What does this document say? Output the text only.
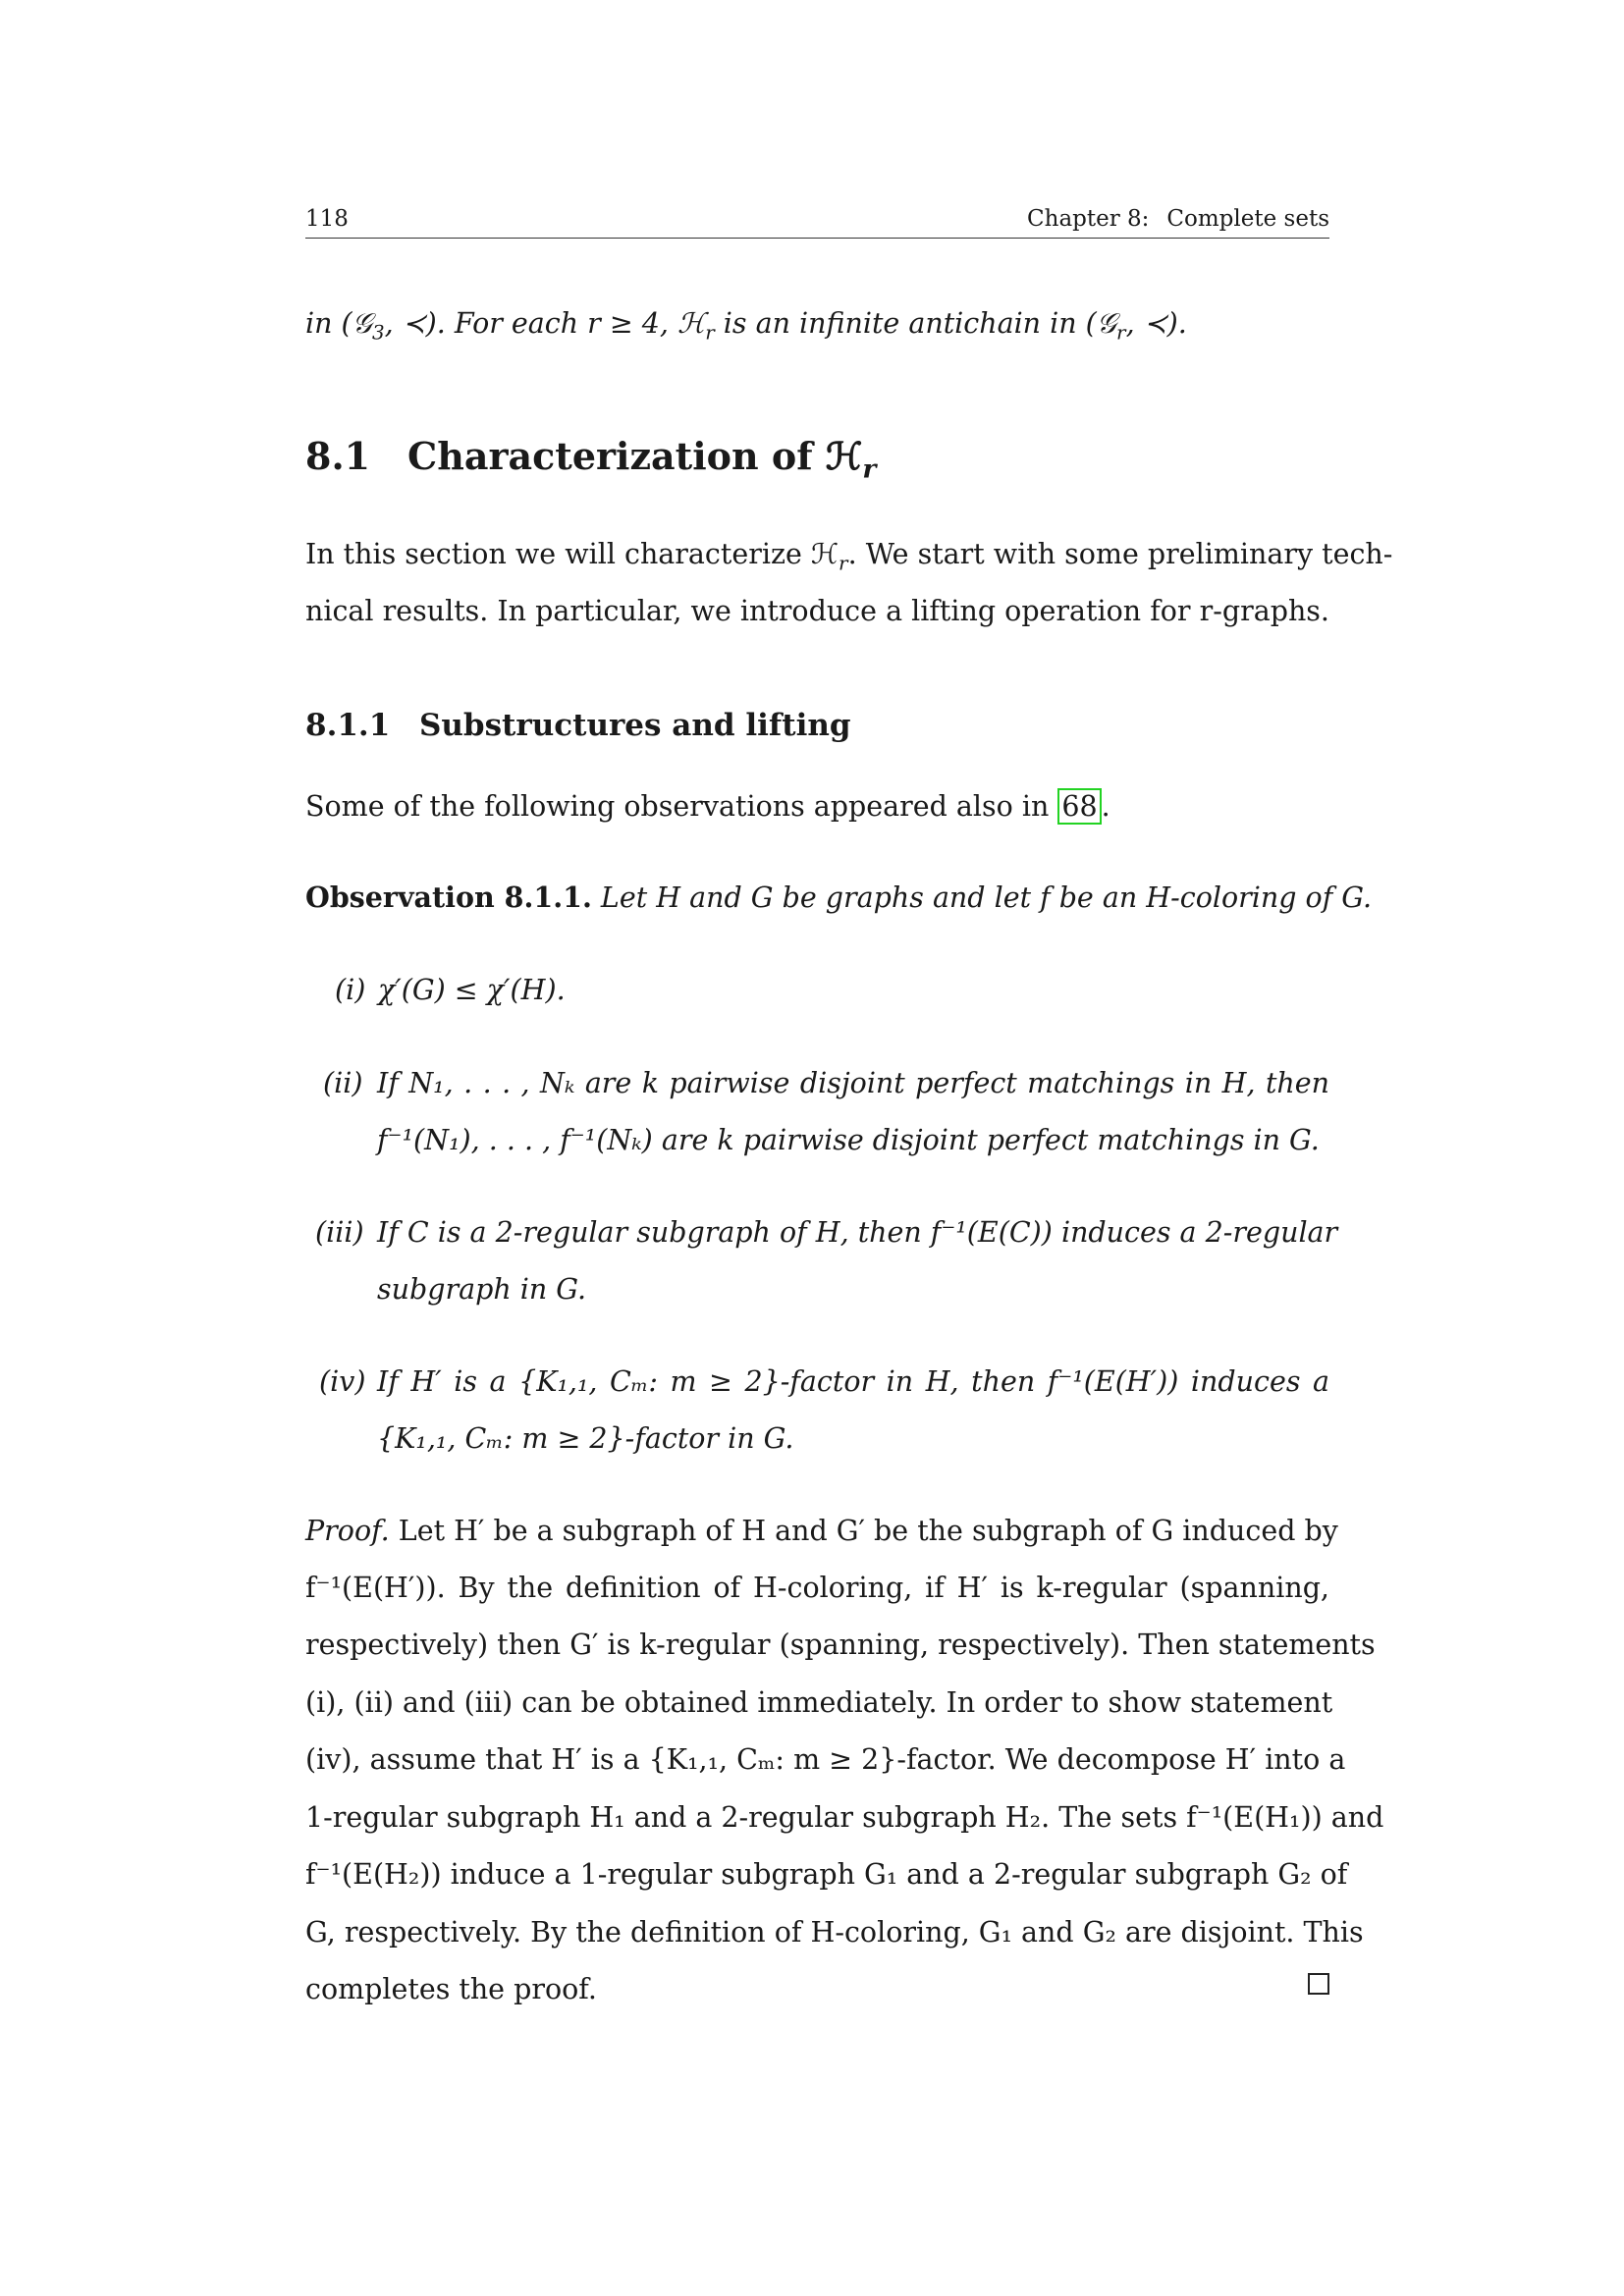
118	Chapter 8: Complete sets
in (𝒢$_3$, ≺). For each r ≥ 4, ℋ$_r$ is an infinite antichain in (𝒢$_r$, ≺).
8.1 Characterization of ℋ$_r$
In this section we will characterize ℋ$_r$. We start with some preliminary tech-
nical results. In particular, we introduce a lifting operation for r-graphs.
8.1.1 Substructures and lifting
Some of the following observations appeared also in 68 .
Observation 8.1.1. Let H and G be graphs and let f be an H-coloring of G.
(i) χ′(G) ≤ χ′(H).
(ii) If N₁, . . . , Nₖ are k pairwise disjoint perfect matchings in H, then
f⁻¹(N₁), . . . , f⁻¹(Nₖ) are k pairwise disjoint perfect matchings in G.
(iii) If C is a 2-regular subgraph of H, then f⁻¹(E(C)) induces a 2-regular
subgraph in G.
(iv) If H′ is a {K₁,₁, Cₘ: m ≥ 2}-factor in H, then f⁻¹(E(H′)) induces a
{K₁,₁, Cₘ: m ≥ 2}-factor in G.
Proof. Let H′ be a subgraph of H and G′ be the subgraph of G induced by
f⁻¹(E(H′)). By the definition of H-coloring, if H′ is k-regular (spanning,
respectively) then G′ is k-regular (spanning, respectively). Then statements
(i), (ii) and (iii) can be obtained immediately. In order to show statement
(iv), assume that H′ is a {K₁,₁, Cₘ: m ≥ 2}-factor. We decompose H′ into a
1-regular subgraph H₁ and a 2-regular subgraph H₂. The sets f⁻¹(E(H₁)) and
f⁻¹(E(H₂)) induce a 1-regular subgraph G₁ and a 2-regular subgraph G₂ of
G, respectively. By the definition of H-coloring, G₁ and G₂ are disjoint. This
completes the proof.
